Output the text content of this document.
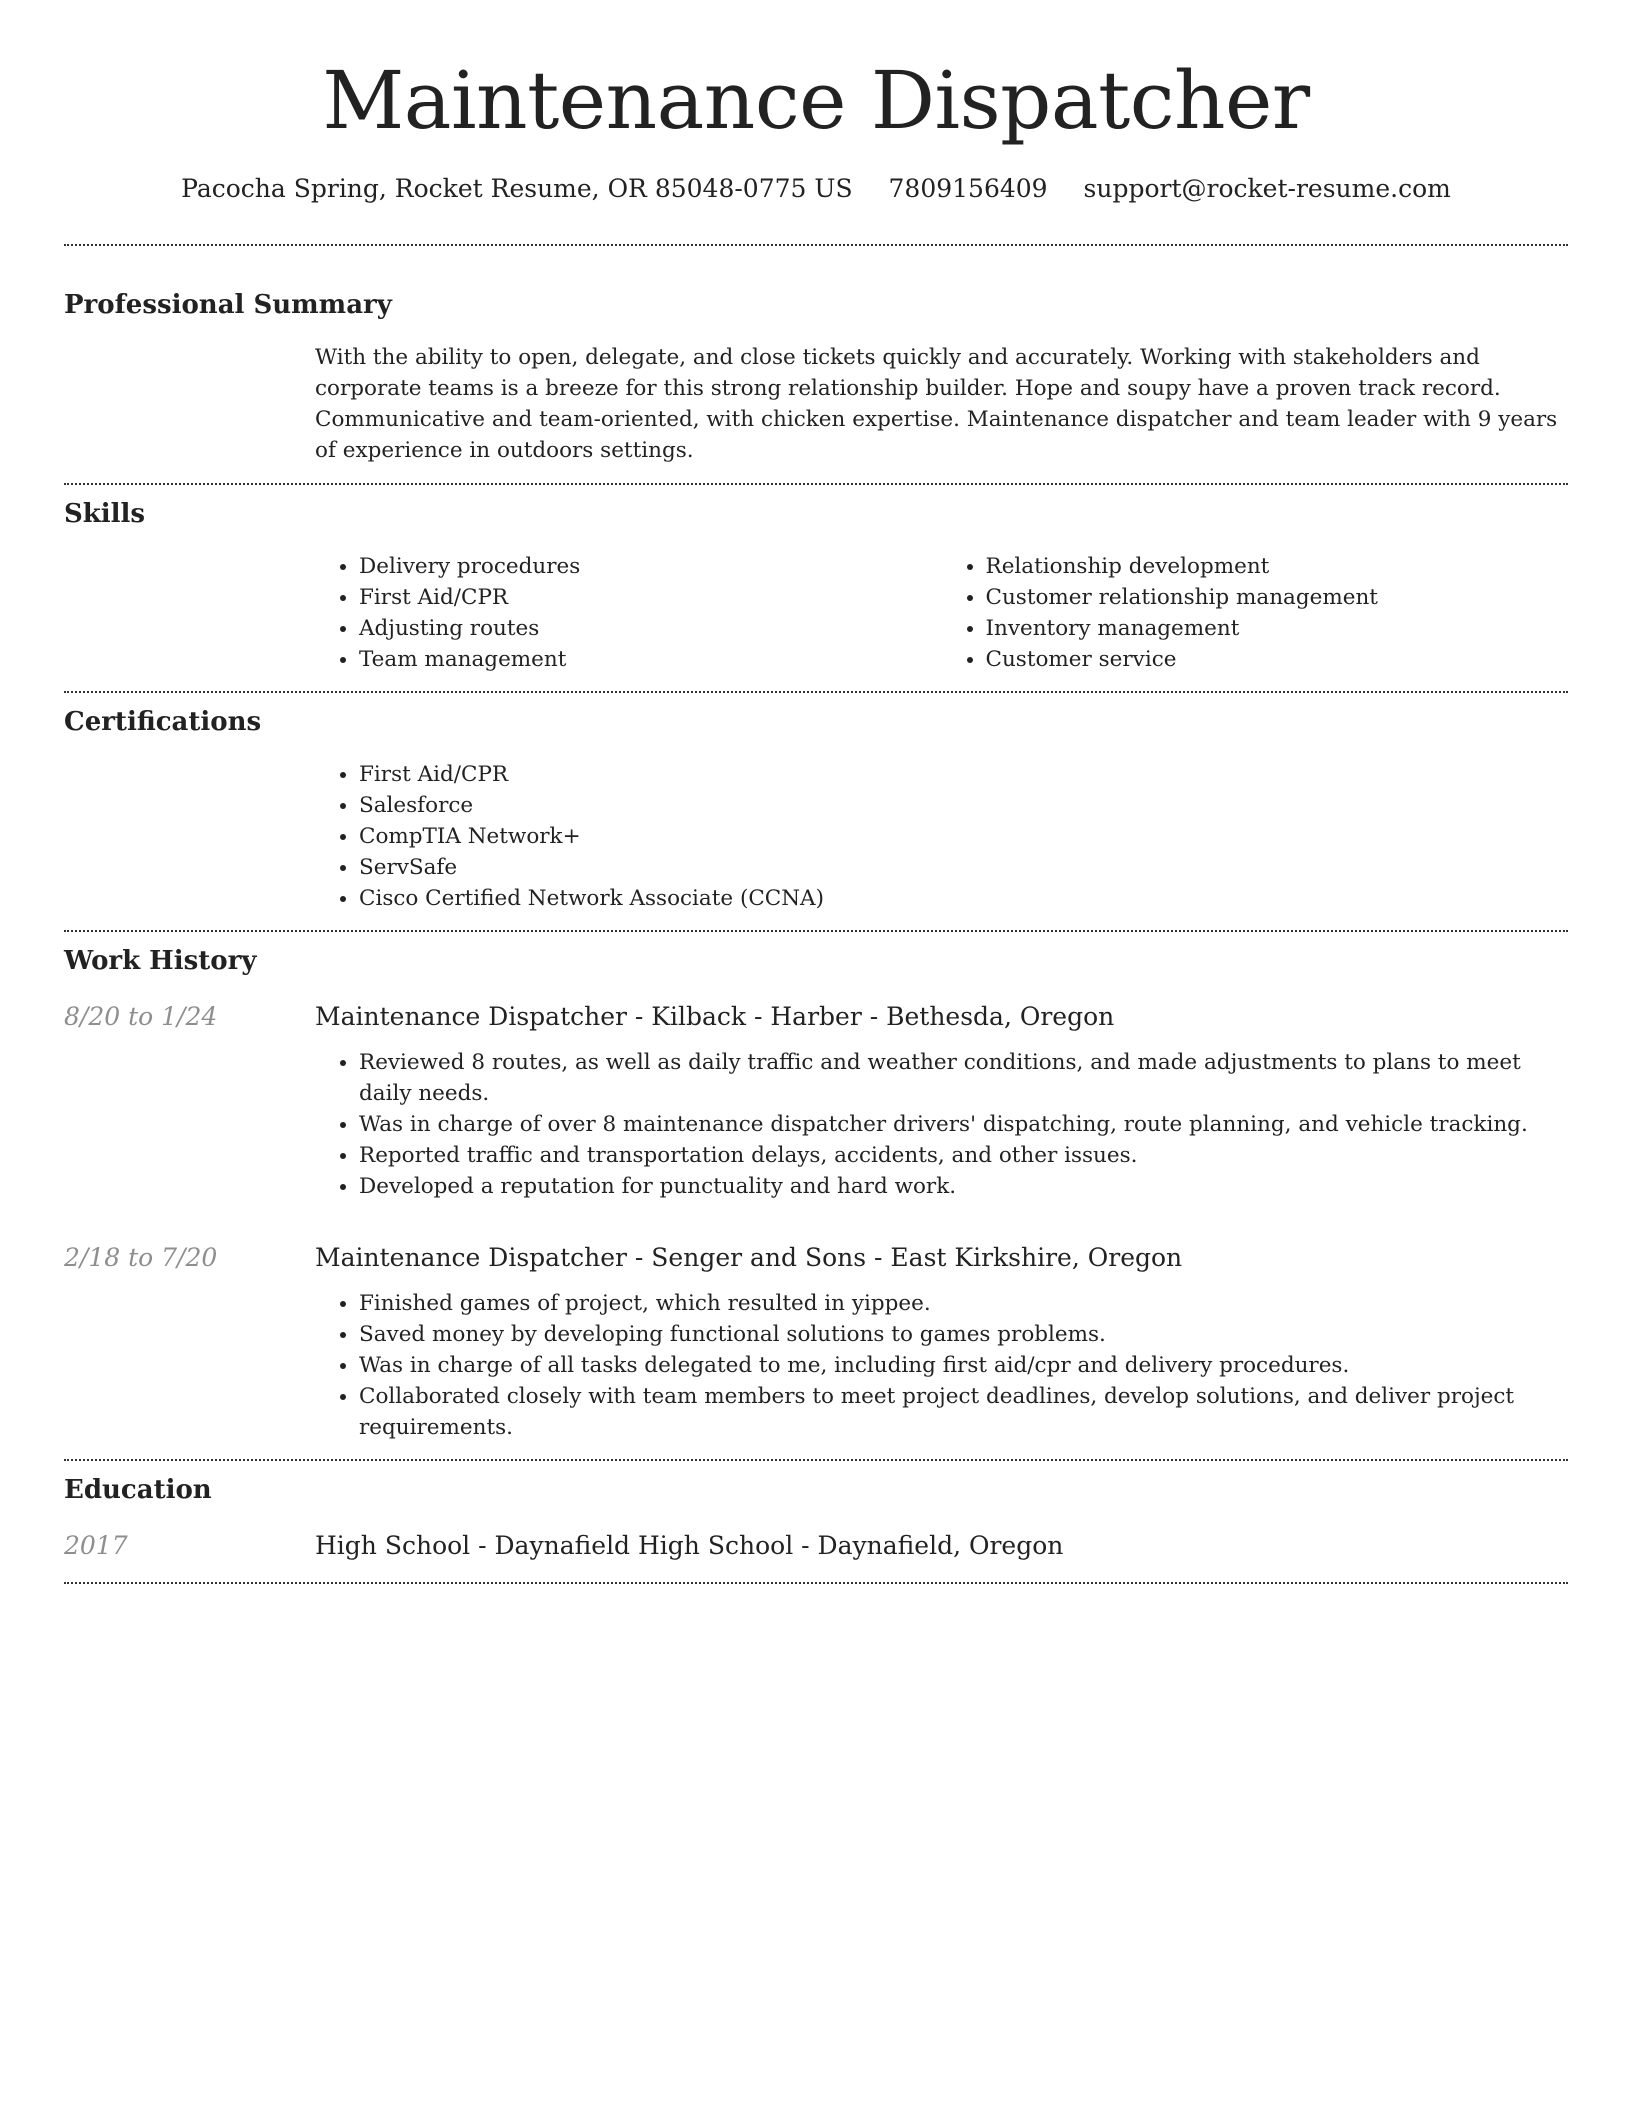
Maintenance Dispatcher
Pacocha Spring, Rocket Resume, OR 85048-0775 US 7809156409 support@rocket-resume.com
Professional Summary

With the ability to open, delegate, and close tickets quickly and accurately. Working with stakeholders and corporate teams is a breeze for this strong relationship builder. Hope and soupy have a proven track record. Communicative and team-oriented, with chicken expertise. Maintenance dispatcher and team leader with 9 years of experience in outdoors settings.

Skills
• Delivery procedures
• First Aid/CPR
• Adjusting routes
• Team management
• Relationship development
• Customer relationship management
• Inventory management
• Customer service
Certifications
• First Aid/CPR
• Salesforce
• CompTIA Network+
• ServSafe
• Cisco Certified Network Associate (CCNA)
Work History
8/20 to 1/24	Maintenance Dispatcher - Kilback - Harber - Bethesda, Oregon
• Reviewed 8 routes, as well as daily traffic and weather conditions, and made adjustments to plans to meet daily needs.
• Was in charge of over 8 maintenance dispatcher drivers' dispatching, route planning, and vehicle tracking.
• Reported traffic and transportation delays, accidents, and other issues.
• Developed a reputation for punctuality and hard work.
2/18 to 7/20	Maintenance Dispatcher - Senger and Sons - East Kirkshire, Oregon
• Finished games of project, which resulted in yippee.
• Saved money by developing functional solutions to games problems.
• Was in charge of all tasks delegated to me, including first aid/cpr and delivery procedures.
• Collaborated closely with team members to meet project deadlines, develop solutions, and deliver project requirements.
Education
2017	High School - Daynafield High School - Daynafield, Oregon
